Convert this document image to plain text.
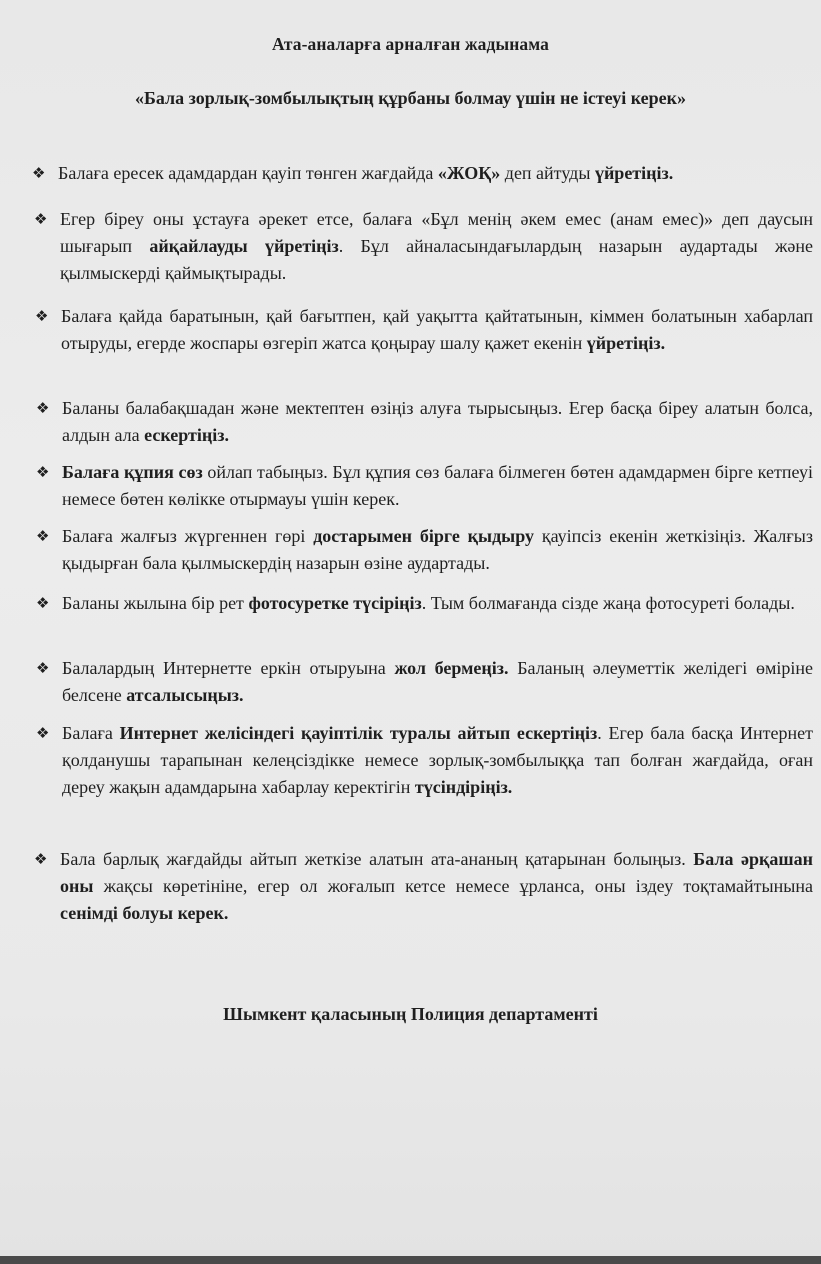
Ата-аналарға арналған жадынама
«Бала зорлық-зомбылықтың құрбаны болмау үшін не істеуі керек»
❖ Балаға ересек адамдардан қауіп төнген жағдайда «ЖОҚ» деп айтуды үйретіңіз.
❖ Егер біреу оны ұстауға әрекет етсе, балаға «Бұл менің әкем емес (анам емес)» деп даусын шығарып айқайлауды үйретіңіз. Бұл айналасындағылардың назарын аудартады және қылмыскерді қаймықтырады.
❖ Балаға қайда баратынын, қай бағытпен, қай уақытта қайтатынын, кіммен болатынын хабарлап отыруды, егерде жоспары өзгеріп жатса қоңырау шалу қажет екенін үйретіңіз.
❖ Баланы балабақшадан және мектептен өзіңіз алуға тырысыңыз. Егер басқа біреу алатын болса, алдын ала ескертіңіз.
❖ Балаға құпия сөз ойлап табыңыз. Бұл құпия сөз балаға білмеген бөтен адамдармен бірге кетпеуі немесе бөтен көлікке отырмауы үшін керек.
❖ Балаға жалғыз жүргеннен гөрі достарымен бірге қыдыру қауіпсіз екенін жеткізіңіз. Жалғыз қыдырған бала қылмыскердің назарын өзіне аудартады.
❖ Баланы жылына бір рет фотосуретке түсіріңіз. Тым болмағанда сізде жаңа фотосуреті болады.
❖ Балалардың Интернетте еркін отыруына жол бермеңіз. Баланың әлеуметтік желідегі өміріне белсене атсалысыңыз.
❖ Балаға Интернет желісіндегі қауіптілік туралы айтып ескертіңіз. Егер бала басқа Интернет қолданушы тарапынан келеңсіздікке немесе зорлық-зомбылыққа тап болған жағдайда, оған дереу жақын адамдарына хабарлау керектігін түсіндіріңіз.
❖ Бала барлық жағдайды айтып жеткізе алатын ата-ананың қатарынан болыңыз. Бала әрқашан оны жақсы көретініне, егер ол жоғалып кетсе немесе ұрланса, оны іздеу тоқтамайтынына сенімді болуы керек.
Шымкент қаласының Полиция департаменті
